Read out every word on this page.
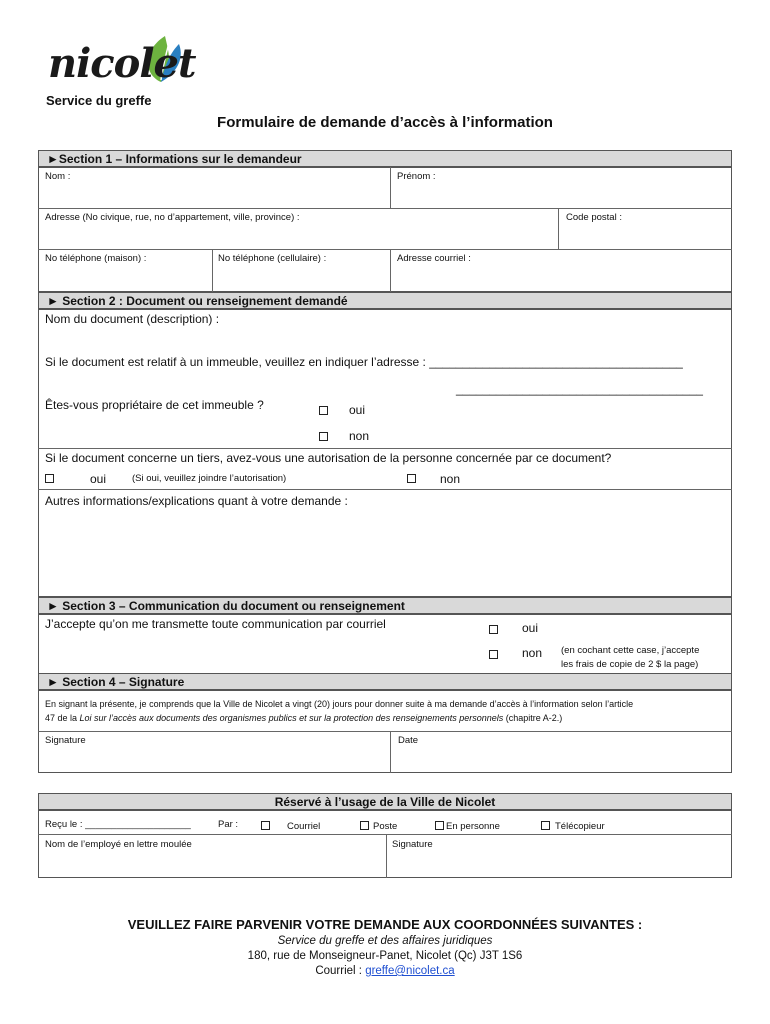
nicolet
Service du greffe
Formulaire de demande d’accès à l’information
►Section 1 – Informations sur le demandeur
Nom :	Prénom :
Adresse (No civique, rue, no d’appartement, ville, province) :	Code postal :
No téléphone (maison) :	No téléphone (cellulaire) :	Adresse courriel :
► Section 2 : Document ou renseignement demandé
Nom du document (description) :
Si le document est relatif à un immeuble, veuillez en indiquer l’adresse : ______________________________________
_____________________________________
Êtes-vous propriétaire de cet immeuble ?	oui
non
Si le document concerne un tiers, avez-vous une autorisation de la personne concernée par ce document?
oui	(Si oui, veuillez joindre l’autorisation)	non
Autres informations/explications quant à votre demande :
► Section 3 – Communication du document ou renseignement
J’accepte qu’on me transmette toute communication par courriel	oui
non (en cochant cette case, j’accepte
les frais de copie de 2 $ la page)
► Section 4 – Signature
En signant la présente, je comprends que la Ville de Nicolet a vingt (20) jours pour donner suite à ma demande d’accès à l’information selon l’article
47 de la Loi sur l’accès aux documents des organismes publics et sur la protection des renseignements personnels (chapitre A-2.)
Signature	Date
Réservé à l’usage de la Ville de Nicolet
Reçu le : ____________________	Par :	Courriel	Poste	En personne	Télécopieur
Nom de l’employé en lettre moulée	Signature
VEUILLEZ FAIRE PARVENIR VOTRE DEMANDE AUX COORDONNÉES SUIVANTES :
Service du greffe et des affaires juridiques
180, rue de Monseigneur-Panet, Nicolet (Qc) J3T 1S6
Courriel : greffe@nicolet.ca
